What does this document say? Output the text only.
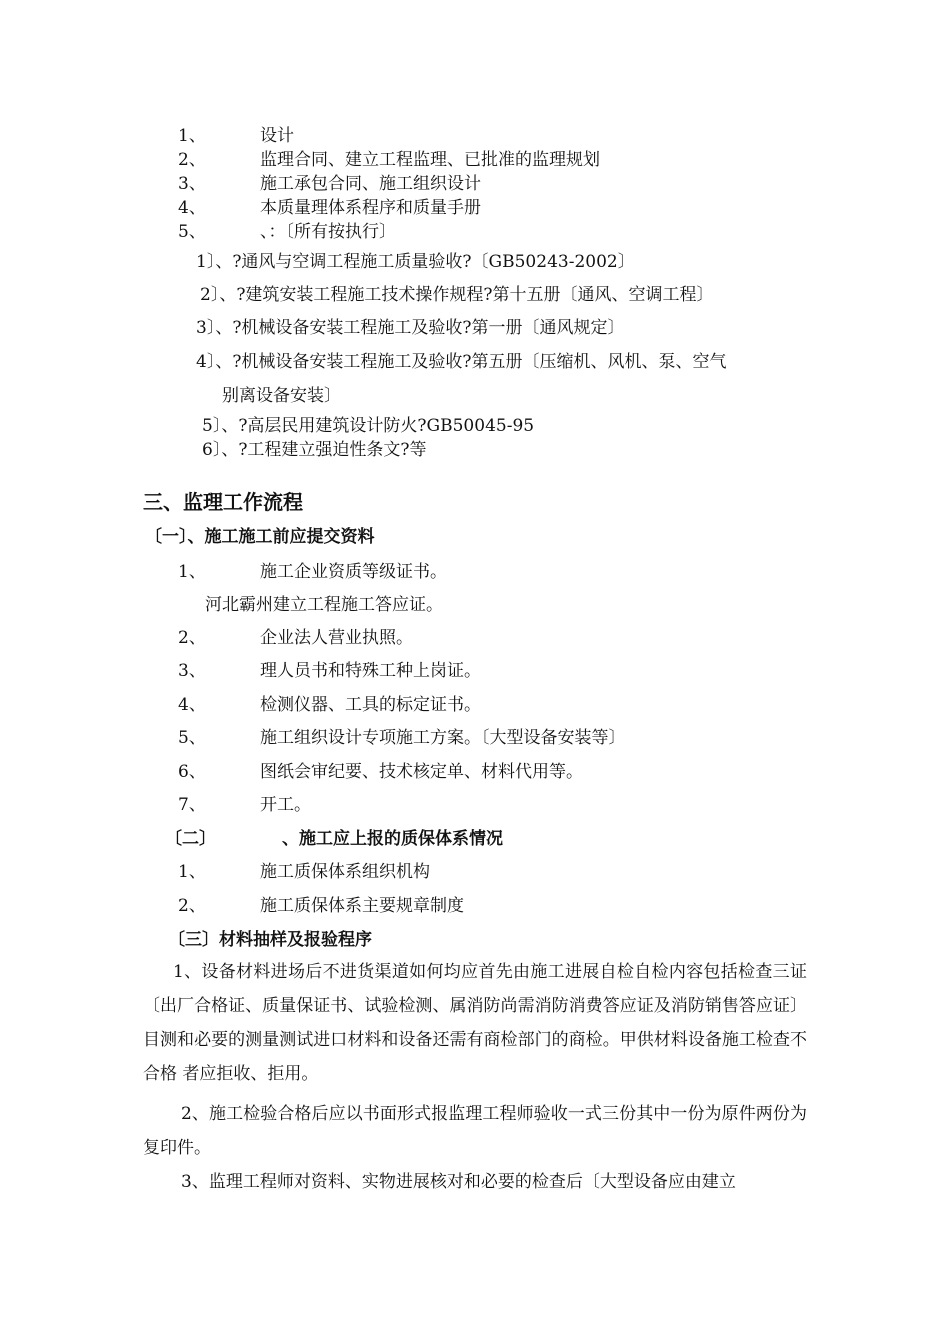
1、	设计
2、	监理合同、建立工程监理、已批准的监理规划
3、	施工承包合同、施工组织设计
4、	本质量理体系程序和质量手册
5、	、：〔所有按执行〕
1〕、?通风与空调工程施工质量验收?〔GB50243-2002〕
2〕、?建筑安装工程施工技术操作规程?第十五册〔通风、空调工程〕
3〕、?机械设备安装工程施工及验收?第一册〔通风规定〕
4〕、?机械设备安装工程施工及验收?第五册〔压缩机、风机、泵、空气
别离设备安装〕
5〕、?高层民用建筑设计防火?GB50045-95
6〕、?工程建立强迫性条文?等
三、监理工作流程
〔一〕、施工施工前应提交资料
1、	施工企业资质等级证书。
河北霸州建立工程施工答应证。
2、	企业法人营业执照。
3、	理人员书和特殊工种上岗证。
4、	检测仪器、工具的标定证书。
5、	施工组织设计专项施工方案。〔大型设备安装等〕
6、	图纸会审纪要、技术核定单、材料代用等。
7、	开工。
〔二〕	、施工应上报的质保体系情况
1、	施工质保体系组织机构
2、	施工质保体系主要规章制度
〔三〕材料抽样及报验程序
1、设备材料进场后不进货渠道如何均应首先由施工进展自检自检内容包括检查三证〔出厂合格证、质量保证书、试验检测、属消防尚需消防消费答应证及消防销售答应证〕目测和必要的测量测试进口材料和设备还需有商检部门的商检。甲供材料设备施工检查不合格 者应拒收、拒用。
2、施工检验合格后应以书面形式报监理工程师验收一式三份其中一份为原件两份为复印件。
3、监理工程师对资料、实物进展核对和必要的检查后〔大型设备应由建立
